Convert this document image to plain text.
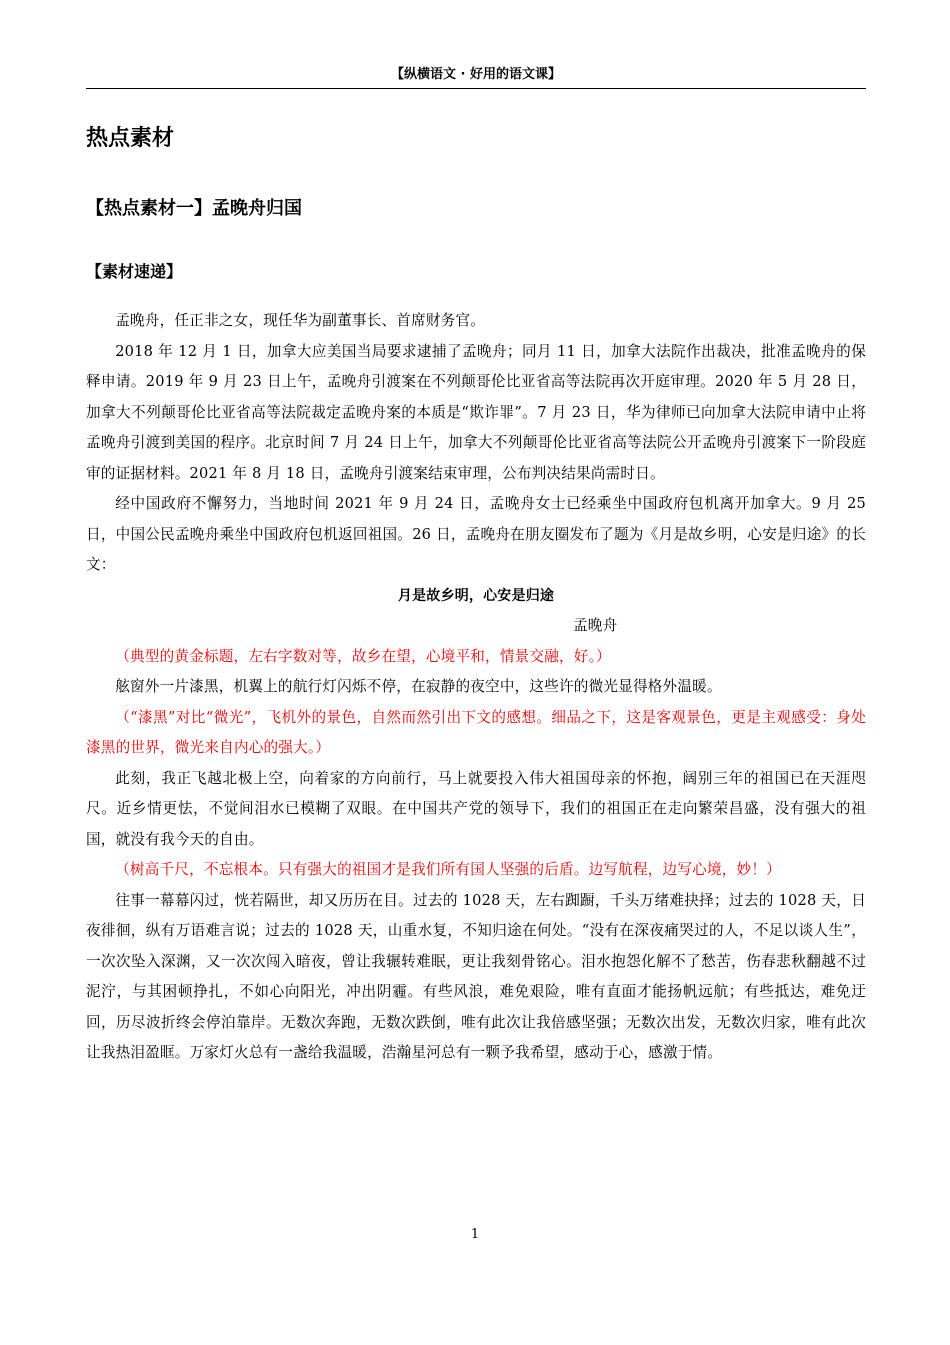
【纵横语文 · 好用的语文课】
热点素材
【热点素材一】孟晚舟归国
【素材速递】

孟晚舟，任正非之女，现任华为副董事长、首席财务官。

2018 年 12 月 1 日，加拿大应美国当局要求逮捕了孟晚舟；同月 11 日，加拿大法院作出裁决，批准孟晚舟的保释申请。2019 年 9 月 23 日上午，孟晚舟引渡案在不列颠哥伦比亚省高等法院再次开庭审理。2020 年 5 月 28 日，加拿大不列颠哥伦比亚省高等法院裁定孟晚舟案的本质是“欺诈罪”。7 月 23 日，华为律师已向加拿大法院申请中止将孟晚舟引渡到美国的程序。北京时间 7 月 24 日上午，加拿大不列颠哥伦比亚省高等法院公开孟晚舟引渡案下一阶段庭审的证据材料。2021 年 8 月 18 日，孟晚舟引渡案结束审理，公布判决结果尚需时日。

经中国政府不懈努力，当地时间 2021 年 9 月 24 日，孟晚舟女士已经乘坐中国政府包机离开加拿大。9 月 25 日，中国公民孟晚舟乘坐中国政府包机返回祖国。26 日，孟晚舟在朋友圈发布了题为《月是故乡明，心安是归途》的长文：

月是故乡明，心安是归途

孟晚舟

（典型的黄金标题，左右字数对等，故乡在望，心境平和，情景交融，好。）

舷窗外一片漆黑，机翼上的航行灯闪烁不停，在寂静的夜空中，这些许的微光显得格外温暖。

（“漆黑”对比“微光”，飞机外的景色，自然而然引出下文的感想。细品之下，这是客观景色，更是主观感受：身处漆黑的世界，微光来自内心的强大。）

此刻，我正飞越北极上空，向着家的方向前行，马上就要投入伟大祖国母亲的怀抱，阔别三年的祖国已在天涯咫尺。近乡情更怯，不觉间泪水已模糊了双眼。在中国共产党的领导下，我们的祖国正在走向繁荣昌盛，没有强大的祖国，就没有我今天的自由。

（树高千尺，不忘根本。只有强大的祖国才是我们所有国人坚强的后盾。边写航程，边写心境，妙！）

往事一幕幕闪过，恍若隔世，却又历历在目。过去的 1028 天，左右踟蹰，千头万绪难抉择；过去的 1028 天，日夜徘徊，纵有万语难言说；过去的 1028 天，山重水复，不知归途在何处。“没有在深夜痛哭过的人，不足以谈人生”，一次次坠入深渊，又一次次闯入暗夜，曾让我辗转难眠，更让我刻骨铭心。泪水抱怨化解不了愁苦，伤春悲秋翻越不过泥泞，与其困顿挣扎，不如心向阳光，冲出阴霾。有些风浪，难免艰险，唯有直面才能扬帆远航；有些抵达，难免迂回，历尽波折终会停泊靠岸。无数次奔跑，无数次跌倒，唯有此次让我倍感坚强；无数次出发，无数次归家，唯有此次让我热泪盈眶。万家灯火总有一盏给我温暖，浩瀚星河总有一颗予我希望，感动于心，感激于情。

1
